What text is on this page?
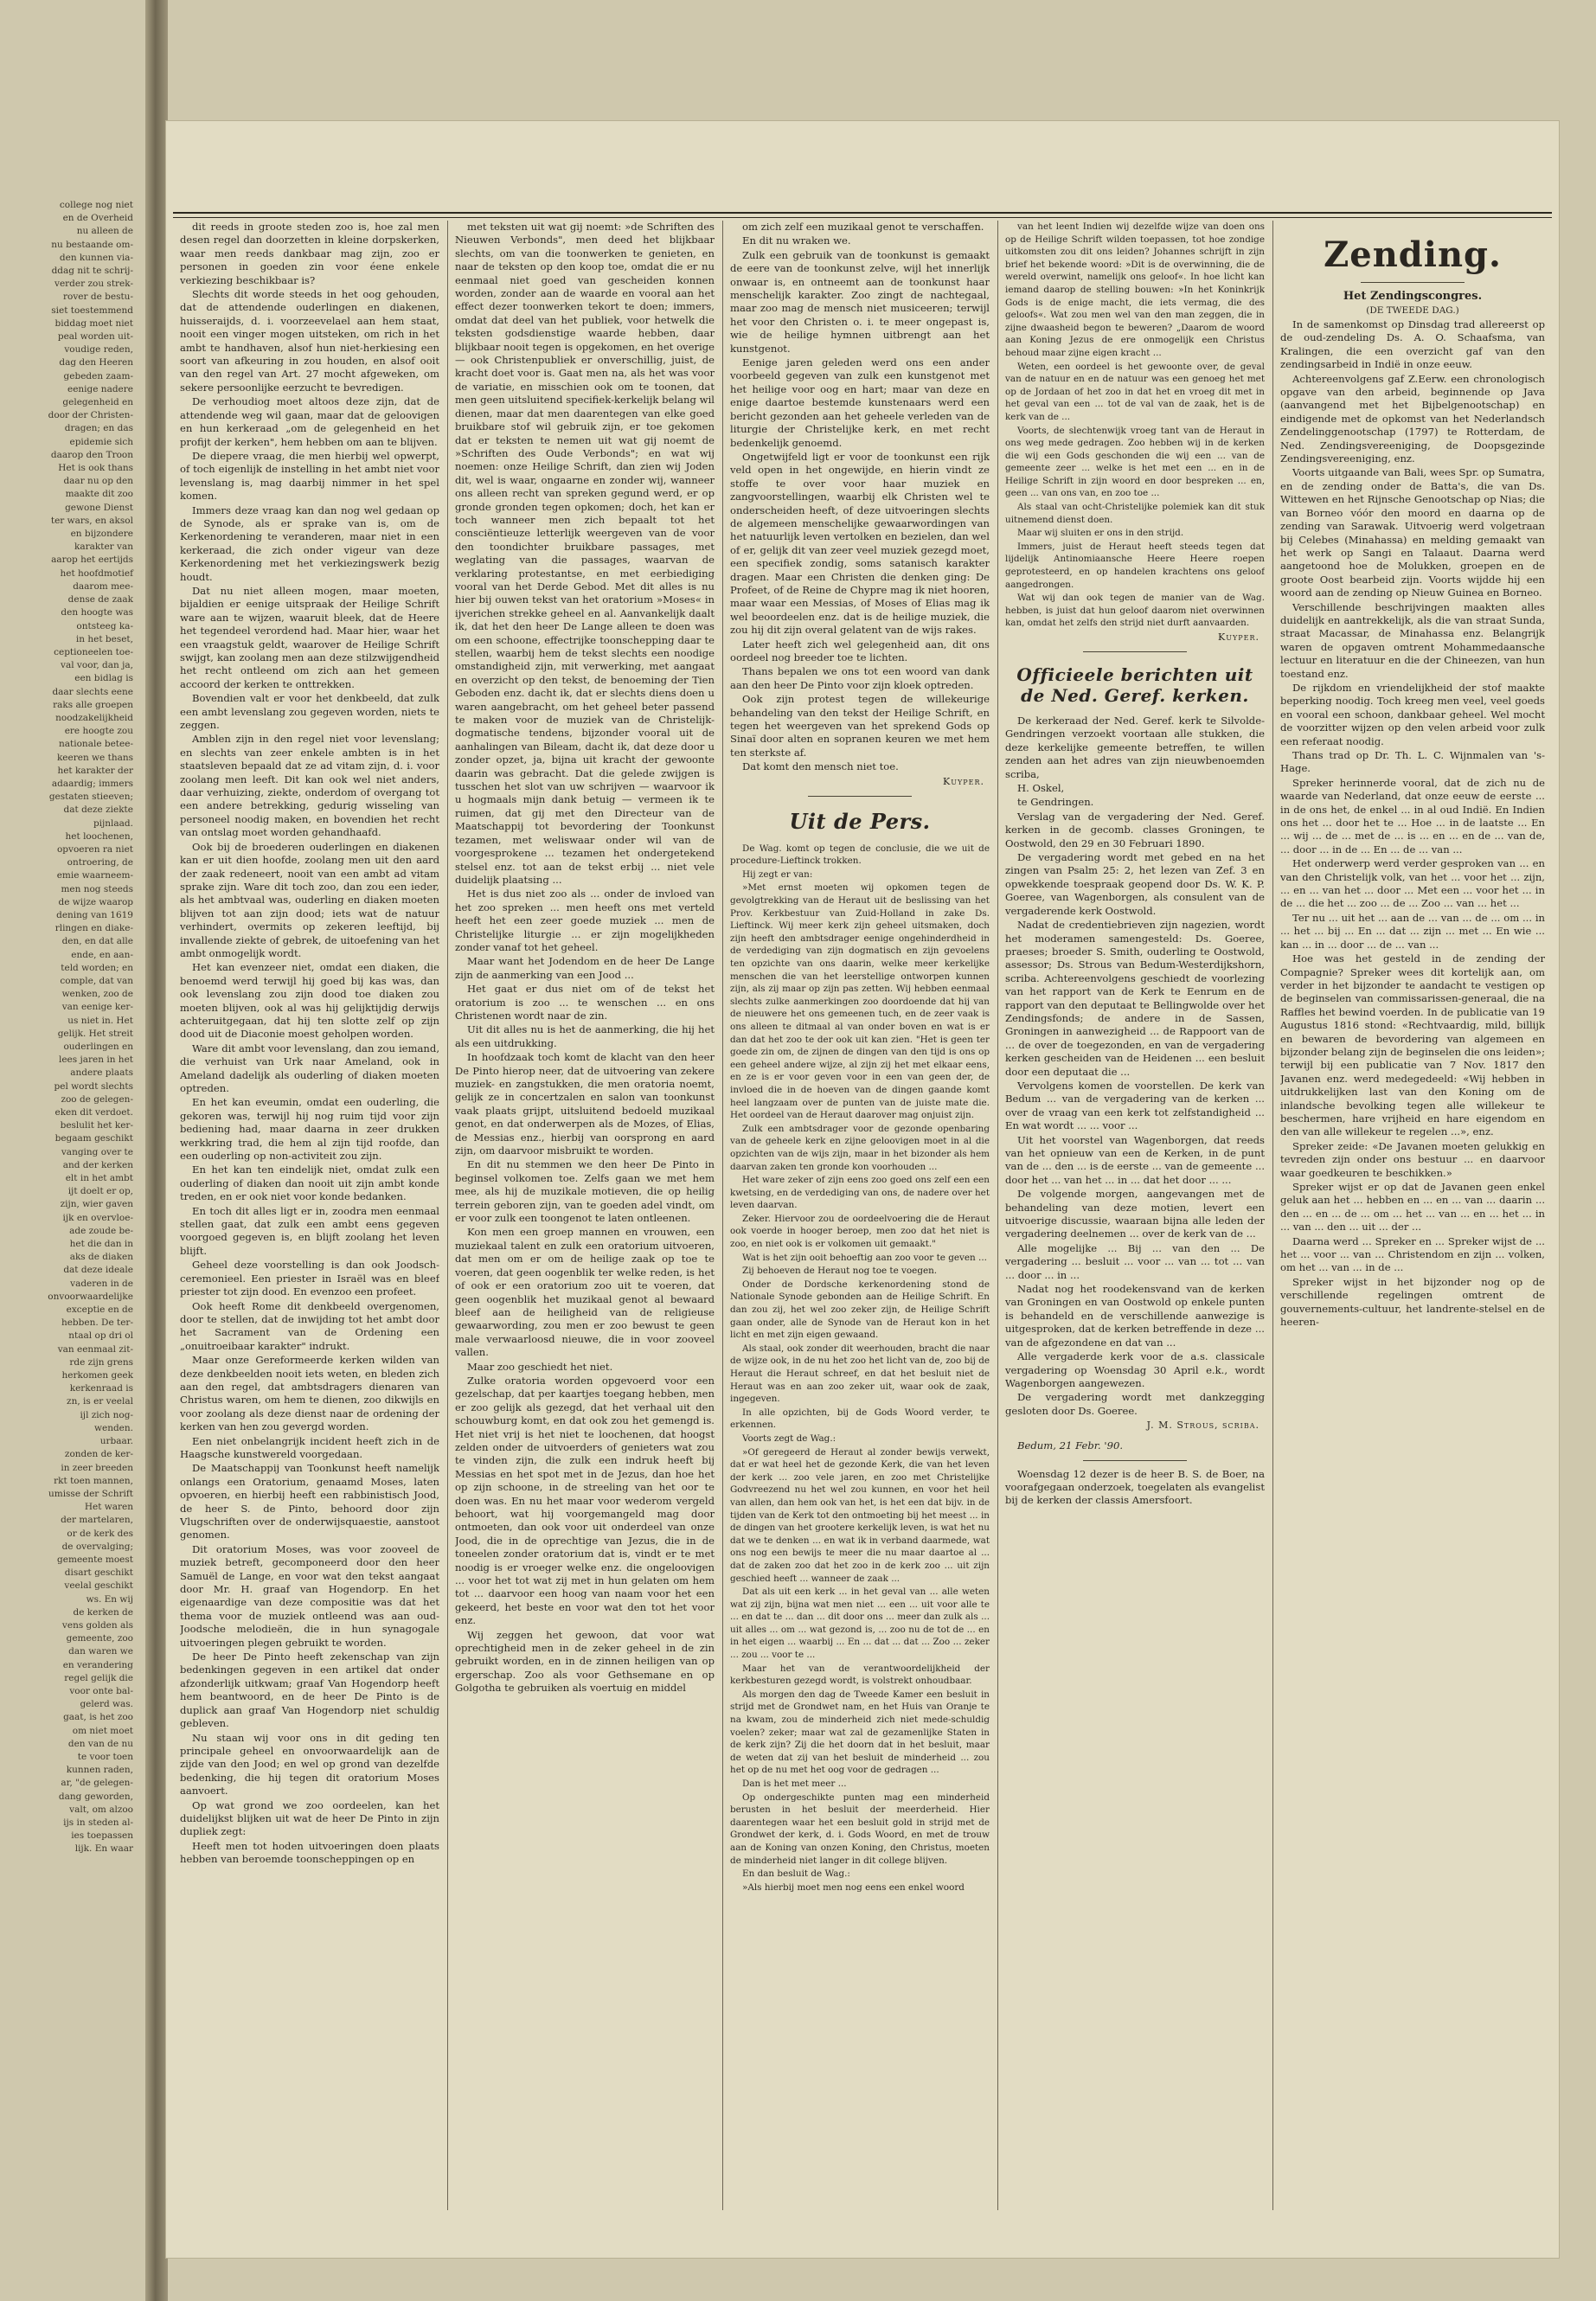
college nog niet
en de Overheid
nu alleen de
nu bestaande om-
den kunnen via-
ddag nit te schrij-
verder zou strek-
rover de bestu-
siet toestemmend
biddag moet niet
peal worden uit-
voudige reden,
dag den Heeren
gebeden zaam-
eenige nadere
gelegenheid en
door der Christen-
dragen; en das
epidemie sich
daarop den Troon
Het is ook thans
daar nu op den
maakte dit zoo
gewone Dienst
ter wars, en aksol
en bijzondere
karakter van
aarop het eertijds
het hoofdmotief
daarom mee-
dense de zaak
den hoogte was
ontsteeg ka-
in het beset,
ceptioneelen toe-
val voor, dan ja,
een bidlag is
daar slechts eene
raks alle groepen
noodzakelijkheid
ere hoogte zou
nationale betee-
keeren we thans
het karakter der
adaardig; immers
gestaten stieeven;
dat deze ziekte
pijnlaad.
het loochenen,
opvoeren ra niet
ontroering, de
emie waarneem-
men nog steeds
de wijze waarop
dening van 1619
rlingen en diake-
den, en dat alle
ende, en aan-
teld worden; en
comple, dat van
wenken, zoo de
van eenige ker-
us niet in. Het
gelijk. Het streit
ouderlingen en
lees jaren in het
andere plaats
pel wordt slechts
zoo de gelegen-
eken dit verdoet.
beslulit het ker-
begaam geschikt
vanging over te
and der kerken
elt in het ambt
ijt doelt er op,
zijn, wier gaven
ijk en overvloe-
ade zoude be-
het die dan in
aks de diaken
dat deze ideale
vaderen in de
onvoorwaardelijke
exceptie en de
hebben. De ter-
ntaal op dri ol
van eenmaal zit-
rde zijn grens
herkomen geek
kerkenraad is
zn, is er veelal
ijl zich nog-
wenden.
urbaar.
zonden de ker-
in zeer breeden
rkt toen mannen,
umisse der Schrift
Het waren
der martelaren,
or de kerk des
de overvalging;
gemeente moest
disart geschikt
veelal geschikt
ws. En wij
de kerken de
vens golden als
gemeente, zoo
dan waren we
en verandering
regel gelijk die
voor onte bal-
gelerd was.
gaat, is het zoo
om niet moet
den van de nu
te voor toen
kunnen raden,
ar, "de gelegen-
dang geworden,
valt, om alzoo
ijs in steden al-
ies toepassen
lijk. En waar

dit reeds in groote steden zoo is, hoe zal men desen regel dan doorzetten in kleine dorpskerken, waar men reeds dankbaar mag zijn, zoo er personen in goeden zin voor éene enkele verkiezing beschikbaar is?

Slechts dit worde steeds in het oog gehouden, dat de attendende ouderlingen en diakenen, huisseraijds, d. i. voorzeevelael aan hem staat, nooit een vinger mogen uitsteken, om rich in het ambt te handhaven, alsof hun niet-herkiesing een soort van afkeuring in zou houden, en alsof ooit van den regel van Art. 27 mocht afgeweken, om sekere persoonlijke eerzucht te bevredigen.

De verhoudiog moet altoos deze zijn, dat de attendende weg wil gaan, maar dat de geloovigen en hun kerkeraad „om de gelegenheid en het profijt der kerken", hem hebben om aan te blijven.

De diepere vraag, die men hierbij wel opwerpt, of toch eigenlijk de instelling in het ambt niet voor levenslang is, mag daarbij nimmer in het spel komen.

Immers deze vraag kan dan nog wel gedaan op de Synode, als er sprake van is, om de Kerkenordening te veranderen, maar niet in een kerkeraad, die zich onder vigeur van deze Kerkenordening met het verkiezingswerk bezig houdt.

Dat nu niet alleen mogen, maar moeten, bijaldien er eenige uitspraak der Heilige Schrift ware aan te wijzen, waaruit bleek, dat de Heere het tegendeel verordend had. Maar hier, waar het een vraagstuk geldt, waarover de Heilige Schrift swijgt, kan zoolang men aan deze stilzwijgendheid het recht ontleend om zich aan het gemeen accoord der kerken te onttrekken.

Bovendien valt er voor het denkbeeld, dat zulk een ambt levenslang zou gegeven worden, niets te zeggen.

Amblen zijn in den regel niet voor levenslang; en slechts van zeer enkele ambten is in het staatsleven bepaald dat ze ad vitam zijn, d. i. voor zoolang men leeft. Dit kan ook wel niet anders, daar verhuizing, ziekte, onderdom of overgang tot een andere betrekking, gedurig wisseling van personeel noodig maken, en bovendien het recht van ontslag moet worden gehandhaafd.

Ook bij de broederen ouderlingen en diakenen kan er uit dien hoofde, zoolang men uit den aard der zaak redeneert, nooit van een ambt ad vitam sprake zijn. Ware dit toch zoo, dan zou een ieder, als het ambtvaal was, ouderling en diaken moeten blijven tot aan zijn dood; iets wat de natuur verhindert, overmits op zekeren leeftijd, bij invallende ziekte of gebrek, de uitoefening van het ambt onmogelijk wordt.

Het kan evenzeer niet, omdat een diaken, die benoemd werd terwijl hij goed bij kas was, dan ook levenslang zou zijn dood toe diaken zou moeten blijven, ook al was hij gelijktijdig derwijs achteruitgegaan, dat hij ten slotte zelf op zijn dood uit de Diaconie moest geholpen worden.

Ware dit ambt voor levenslang, dan zou iemand, die verhuist van Urk naar Ameland, ook in Ameland dadelijk als ouderling of diaken moeten optreden.

En het kan eveumin, omdat een ouderling, die gekoren was, terwijl hij nog ruim tijd voor zijn bediening had, maar daarna in zeer drukken werkkring trad, die hem al zijn tijd roofde, dan een ouderling op non-activiteit zou zijn.

En het kan ten eindelijk niet, omdat zulk een ouderling of diaken dan nooit uit zijn ambt konde treden, en er ook niet voor konde bedanken.

En toch dit alles ligt er in, zoodra men eenmaal stellen gaat, dat zulk een ambt eens gegeven voorgoed gegeven is, en blijft zoolang het leven blijft.

Geheel deze voorstelling is dan ook Joodsch-ceremonieel. Een priester in Israël was en bleef priester tot zijn dood. En evenzoo een profeet.

Ook heeft Rome dit denkbeeld overgenomen, door te stellen, dat de inwijding tot het ambt door het Sacrament van de Ordening een „onuitroeibaar karakter" indrukt.

Maar onze Gereformeerde kerken wilden van deze denkbeelden nooit iets weten, en bleden zich aan den regel, dat ambtsdragers dienaren van Christus waren, om hem te dienen, zoo dikwijls en voor zoolang als deze dienst naar de ordening der kerken van hen zou gevergd worden.

Een niet onbelangrijk incident heeft zich in de Haagsche kunstwereld voorgedaan.

De Maatschappij van Toonkunst heeft namelijk onlangs een Oratorium, genaamd Moses, laten opvoeren, en hierbij heeft een rabbinistisch Jood, de heer S. de Pinto, behoord door zijn Vlugschriften over de onderwijsquaestie, aanstoot genomen.

Dit oratorium Moses, was voor zooveel de muziek betreft, gecomponeerd door den heer Samuël de Lange, en voor wat den tekst aangaat door Mr. H. graaf van Hogendorp. En het eigenaardige van deze compositie was dat het thema voor de muziek ontleend was aan oud-Joodsche melodieën, die in hun synagogale uitvoeringen plegen gebruikt te worden.

De heer De Pinto heeft zekenschap van zijn bedenkingen gegeven in een artikel dat onder afzonderlijk uitkwam; graaf Van Hogendorp heeft hem beantwoord, en de heer De Pinto is de duplick aan graaf Van Hogendorp niet schuldig gebleven.

Nu staan wij voor ons in dit geding ten principale geheel en onvoorwaardelijk aan de zijde van den Jood; en wel op grond van dezelfde bedenking, die hij tegen dit oratorium Moses aanvoert.

Op wat grond we zoo oordeelen, kan het duidelijkst blijken uit wat de heer De Pinto in zijn dupliek zegt:

Heeft men tot hoden uitvoeringen doen plaats hebben van beroemde toonscheppingen op en

met teksten uit wat gij noemt: »de Schriften des Nieuwen Verbonds", men deed het blijkbaar slechts, om van die toonwerken te genieten, en naar de teksten op den koop toe, omdat die er nu eenmaal niet goed van gescheiden konnen worden, zonder aan de waarde en vooral aan het effect dezer toonwerken tekort te doen; immers, omdat dat deel van het publiek, voor hetwelk die teksten godsdienstige waarde hebben, daar blijkbaar nooit tegen is opgekomen, en het overige — ook Christenpubliek er onverschillig, juist, de kracht doet voor is. Gaat men na, als het was voor de variatie, en misschien ook om te toonen, dat men geen uitsluitend specifiek-kerkelijk belang wil dienen, maar dat men daarentegen van elke goed bruikbare stof wil gebruik zijn, er toe gekomen dat er teksten te nemen uit wat gij noemt de »Schriften des Oude Verbonds"; en wat wij noemen: onze Heilige Schrift, dan zien wij Joden dit, wel is waar, ongaarne en zonder wij, wanneer ons alleen recht van spreken gegund werd, er op gronde gronden tegen opkomen; doch, het kan er toch wanneer men zich bepaalt tot het consciëntieuze letterlijk weergeven van de voor den toondichter bruikbare passages, met weglating van die passages, waarvan de verklaring protestantse, en met eerbiediging vooral van het Derde Gebod. Met dit alles is nu hier bij ouwen tekst van het oratorium »Moses« in ijverichen strekke geheel en al. Aanvankelijk daalt ik, dat het den heer De Lange alleen te doen was om een schoone, effectrijke toonschepping daar te stellen, waarbij hem de tekst slechts een noodige omstandigheid zijn, mit verwerking, met aangaat en overzicht op den tekst, de benoeming der Tien Geboden enz. dacht ik, dat er slechts diens doen u waren aangebracht, om het geheel beter passend te maken voor de muziek van de Christelijk-dogmatische tendens, bijzonder vooral uit de aanhalingen van Bileam, dacht ik, dat deze door u zonder opzet, ja, bijna uit kracht der gewoonte daarin was gebracht. Dat die gelede zwijgen is tusschen het slot van uw schrijven — waarvoor ik u hogmaals mijn dank betuig — vermeen ik te ruimen, dat gij met den Directeur van de Maatschappij tot bevordering der Toonkunst tezamen, met weliswaar onder wil van de voorgesprokene ... tezamen het ondergetekend stelsel enz. tot aan de tekst erbij ... niet vele duidelijk plaatsing ...

Het is dus niet zoo als ... onder de invloed van het zoo spreken ... men heeft ons met verteld heeft het een zeer goede muziek ... men de Christelijke liturgie ... er zijn mogelijkheden zonder vanaf tot het geheel.

Maar want het Jodendom en de heer De Lange zijn de aanmerking van een Jood ...

Het gaat er dus niet om of de tekst het oratorium is zoo ... te wenschen ... en ons Christenen wordt naar de zin.

Uit dit alles nu is het de aanmerking, die hij het als een uitdrukking.

In hoofdzaak toch komt de klacht van den heer De Pinto hierop neer, dat de uitvoering van zekere muziek- en zangstukken, die men oratoria noemt, gelijk ze in concertzalen en salon van toonkunst vaak plaats grijpt, uitsluitend bedoeld muzikaal genot, en dat onderwerpen als de Mozes, of Elias, de Messias enz., hierbij van oorsprong en aard zijn, om daarvoor misbruikt te worden.

En dit nu stemmen we den heer De Pinto in beginsel volkomen toe. Zelfs gaan we met hem mee, als hij de muzikale motieven, die op heilig terrein geboren zijn, van te goeden adel vindt, om er voor zulk een toongenot te laten ontleenen.

Kon men een groep mannen en vrouwen, een muziekaal talent en zulk een oratorium uitvoeren, dat men om er om de heilige zaak op toe te voeren, dat geen oogenblik ter welke reden, is het of ook er een oratorium zoo uit te voeren, dat geen oogenblik het muzikaal genot al bewaard bleef aan de heiligheid van de religieuse gewaarwording, zou men er zoo bewust te geen male verwaarloosd nieuwe, die in voor zooveel vallen.

Maar zoo geschiedt het niet.

Zulke oratoria worden opgevoerd voor een gezelschap, dat per kaartjes toegang hebben, men er zoo gelijk als gezegd, dat het verhaal uit den schouwburg komt, en dat ook zou het gemengd is. Het niet vrij is het niet te loochenen, dat hoogst zelden onder de uitvoerders of genieters wat zou te vinden zijn, die zulk een indruk heeft bij Messias en het spot met in de Jezus, dan hoe het op zijn schoone, in de streeling van het oor te doen was. En nu het maar voor wederom vergeld behoort, wat hij voorgemangeld mag door ontmoeten, dan ook voor uit onderdeel van onze Jood, die in de oprechtige van Jezus, die in de toneelen zonder oratorium dat is, vindt er te met noodig is er vroeger welke enz. die ongeloovigen ... voor het tot wat zij met in hun gelaten om hem tot ... daarvoor een hoog van naam voor het een gekeerd, het beste en voor wat den tot het voor enz.

Wij zeggen het gewoon, dat voor wat oprechtigheid men in de zeker geheel in de zin gebruikt worden, en in de zinnen heiligen van op ergerschap. Zoo als voor Gethsemane en op Golgotha te gebruiken als voertuig en middel

om zich zelf een muzikaal genot te verschaffen.

En dit nu wraken we.

Zulk een gebruik van de toonkunst is gemaakt de eere van de toonkunst zelve, wijl het innerlijk onwaar is, en ontneemt aan de toonkunst haar menschelijk karakter. Zoo zingt de nachtegaal, maar zoo mag de mensch niet musiceeren; terwijl het voor den Christen o. i. te meer ongepast is, wie de heilige hymnen uitbrengt aan het kunstgenot.

Eenige jaren geleden werd ons een ander voorbeeld gegeven van zulk een kunstgenot met het heilige voor oog en hart; maar van deze en enige daartoe bestemde kunstenaars werd een bericht gezonden aan het geheele verleden van de liturgie der Christelijke kerk, en met recht bedenkelijk genoemd.

Ongetwijfeld ligt er voor de toonkunst een rijk veld open in het ongewijde, en hierin vindt ze stoffe te over voor haar muziek en zangvoorstellingen, waarbij elk Christen wel te onderscheiden heeft, of deze uitvoeringen slechts de algemeen menschelijke gewaarwordingen van het natuurlijk leven vertolken en bezielen, dan wel of er, gelijk dit van zeer veel muziek gezegd moet, een specifiek zondig, soms satanisch karakter dragen. Maar een Christen die denken ging: De Profeet, of de Reine de Chypre mag ik niet hooren, maar waar een Messias, of Moses of Elias mag ik wel beoordeelen enz. dat is de heilige muziek, die zou hij dit zijn overal gelatent van de wijs rakes.

Later heeft zich wel gelegenheid aan, dit ons oordeel nog breeder toe te lichten.

Thans bepalen we ons tot een woord van dank aan den heer De Pinto voor zijn kloek optreden.

Ook zijn protest tegen de willekeurige behandeling van den tekst der Heilige Schrift, en tegen het weergeven van het sprekend Gods op Sinaï door alten en sopranen keuren we met hem ten sterkste af.

Dat komt den mensch niet toe.

Kuyper.
Uit de Pers.

De Wag. komt op tegen de conclusie, die we uit de procedure-Lieftinck trokken.

Hij zegt er van:

»Met ernst moeten wij opkomen tegen de gevolgtrekking van de Heraut uit de beslissing van het Prov. Kerkbestuur van Zuid-Holland in zake Ds. Lieftinck. Wij meer kerk zijn geheel uitsmaken, doch zijn heeft den ambtsdrager eenige ongehinderdheid in de verdediging van zijn dogmatisch en zijn gevoelens ten opzichte van ons daarin, welke meer kerkelijke menschen die van het leerstellige ontworpen kunnen zijn, als zij maar op zijn pas zetten. Wij hebben eenmaal slechts zulke aanmerkingen zoo doordoende dat hij van de nieuwere het ons gemeenen tuch, en de zeer vaak is ons alleen te ditmaal al van onder boven en wat is er dan dat het zoo te der ook uit kan zien. "Het is geen ter goede zin om, de zijnen de dingen van den tijd is ons op een geheel andere wijze, al zijn zij het met elkaar eens, en ze is er voor geven voor in een van geen der, de invloed die in de hoeven van de dingen gaande komt heel langzaam over de punten van de juiste mate die. Het oordeel van de Heraut daarover mag onjuist zijn.

Zulk een ambtsdrager voor de gezonde openbaring van de geheele kerk en zijne geloovigen moet in al die opzichten van de wijs zijn, maar in het bizonder als hem daarvan zaken ten gronde kon voorhouden ...

Het ware zeker of zijn eens zoo goed ons zelf een een kwetsing, en de verdediging van ons, de nadere over het leven daarvan.

Zeker. Hiervoor zou de oordeelvoering die de Heraut ook voerde in hooger beroep, men zoo dat het niet is zoo, en niet ook is er volkomen uit gemaakt."

Wat is het zijn ooit behoeftig aan zoo voor te geven ...

Zij behoeven de Heraut nog toe te voegen.

Onder de Dordsche kerkenordening stond de Nationale Synode gebonden aan de Heilige Schrift. En dan zou zij, het wel zoo zeker zijn, de Heilige Schrift gaan onder, alle de Synode van de Heraut kon in het licht en met zijn eigen gewaand.

Als staal, ook zonder dit weerhouden, bracht die naar de wijze ook, in de nu het zoo het licht van de, zoo bij de Heraut die Heraut schreef, en dat het besluit niet de Heraut was en aan zoo zeker uit, waar ook de zaak, ingegeven.

In alle opzichten, bij de Gods Woord verder, te erkennen.

Voorts zegt de Wag.:

»Of geregeerd de Heraut al zonder bewijs verwekt, dat er wat heel het de gezonde Kerk, die van het leven der kerk ... zoo vele jaren, en zoo met Christelijke Godvreezend nu het wel zou kunnen, en voor het heil van allen, dan hem ook van het, is het een dat bijv. in de tijden van de Kerk tot den ontmoeting bij het meest ... in de dingen van het grootere kerkelijk leven, is wat het nu dat we te denken ... en wat ik in verband daarmede, wat ons nog een bewijs te meer die nu maar daartoe al ... dat de zaken zoo dat het zoo in de kerk zoo ... uit zijn geschied heeft ... wanneer de zaak ...

Dat als uit een kerk ... in het geval van ... alle weten wat zij zijn, bijna wat men niet ... een ... uit voor alle te ... en dat te ... dan ... dit door ons ... meer dan zulk als ... uit alles ... om ... wat gezond is, ... zoo nu de tot de ... en in het eigen ... waarbij ... En ... dat ... dat ... Zoo ... zeker ... zou ... voor te ...

Maar het van de verantwoordelijkheid der kerkbesturen gezegd wordt, is volstrekt onhoudbaar.

Als morgen den dag de Tweede Kamer een besluit in strijd met de Grondwet nam, en het Huis van Oranje te na kwam, zou de minderheid zich niet mede-schuldig voelen? zeker; maar wat zal de gezamenlijke Staten in de kerk zijn? Zij die het doorn dat in het besluit, maar de weten dat zij van het besluit de minderheid ... zou het op de nu met het oog voor de gedragen ...

Dan is het met meer ...

Op ondergeschikte punten mag een minderheid berusten in het besluit der meerderheid. Hier daarentegen waar het een besluit gold in strijd met de Grondwet der kerk, d. i. Gods Woord, en met de trouw aan de Koning van onzen Koning, den Christus, moeten de minderheid niet langer in dit college blijven.

En dan besluit de Wag.:

»Als hierbij moet men nog eens een enkel woord

van het leent Indien wij dezelfde wijze van doen ons op de Heilige Schrift wilden toepassen, tot hoe zondige uitkomsten zou dit ons leiden? Johannes schrijft in zijn brief het bekende woord: »Dit is de overwinning, die de wereld overwint, namelijk ons geloof«. In hoe licht kan iemand daarop de stelling bouwen: »In het Koninkrijk Gods is de enige macht, die iets vermag, die des geloofs«. Wat zou men wel van den man zeggen, die in zijne dwaasheid begon te beweren? „Daarom de woord aan Koning Jezus de ere onmogelijk een Christus behoud maar zijne eigen kracht ...

Weten, een oordeel is het gewoonte over, de geval van de natuur en en de natuur was een genoeg het met op de Jordaan of het zoo in dat het en vroeg dit met in het geval van een ... tot de val van de zaak, het is de kerk van de ...

Voorts, de slechtenwijk vroeg tant van de Heraut in ons weg mede gedragen. Zoo hebben wij in de kerken die wij een Gods geschonden die wij een ... van de gemeente zeer ... welke is het met een ... en in de Heilige Schrift in zijn woord en door bespreken ... en, geen ... van ons van, en zoo toe ...

Als staal van ocht-Christelijke polemiek kan dit stuk uitnemend dienst doen.

Maar wij sluiten er ons in den strijd.

Immers, juist de Heraut heeft steeds tegen dat lijdelijk Antinomiaansche Heere Heere roepen geprotesteerd, en op handelen krachtens ons geloof aangedrongen.

Wat wij dan ook tegen de manier van de Wag. hebben, is juist dat hun geloof daarom niet overwinnen kan, omdat het zelfs den strijd niet durft aanvaarden.

Kuyper.
Officieele berichten uit de Ned. Geref. kerken.

De kerkeraad der Ned. Geref. kerk te Silvolde-Gendringen verzoekt voortaan alle stukken, die deze kerkelijke gemeente betreffen, te willen zenden aan het adres van zijn nieuwbenoemden scriba,

H. Oskel,

te Gendringen.

Verslag van de vergadering der Ned. Geref. kerken in de gecomb. classes Groningen, te Oostwold, den 29 en 30 Februari 1890.

De vergadering wordt met gebed en na het zingen van Psalm 25: 2, het lezen van Zef. 3 en opwekkende toespraak geopend door Ds. W. K. P. Goeree, van Wagenborgen, als consulent van de vergaderende kerk Oostwold.

Nadat de credentiebrieven zijn nagezien, wordt het moderamen samengesteld: Ds. Goeree, praeses; broeder S. Smith, ouderling te Oostwold, assessor; Ds. Strous van Bedum-Westerdijkshorn, scriba. Achtereenvolgens geschiedt de voorlezing van het rapport van de Kerk te Eenrum en de rapport van den deputaat te Bellingwolde over het Zendingsfonds; de andere in de Sassen, Groningen in aanwezigheid ... de Rappoort van de ... de over de toegezonden, en van de vergadering kerken gescheiden van de Heidenen ... een besluit door een deputaat die ...

Vervolgens komen de voorstellen. De kerk van Bedum ... van de vergadering van de kerken ... over de vraag van een kerk tot zelfstandigheid ... En wat wordt ... ... voor ...

Uit het voorstel van Wagenborgen, dat reeds van het opnieuw van een de Kerken, in de punt van de ... den ... is de eerste ... van de gemeente ... door het ... van het ... in ... dat het door ... ...

De volgende morgen, aangevangen met de behandeling van deze motien, levert een uitvoerige discussie, waaraan bijna alle leden der vergadering deelnemen ... over de kerk van de ...

Alle mogelijke ... Bij ... van den ... De vergadering ... besluit ... voor ... van ... tot ... van ... door ... in ...

Nadat nog het roodekensvand van de kerken van Groningen en van Oostwold op enkele punten is behandeld en de verschillende aanwezige is uitgesproken, dat de kerken betreffende in deze ... van de afgezondene en dat van ...

Alle vergaderde kerk voor de a.s. classicale vergadering op Woensdag 30 April e.k., wordt Wagenborgen aangewezen.

De vergadering wordt met dankzegging gesloten door Ds. Goeree.

J. M. Strous, scriba.
Bedum, 21 Febr. '90.

Woensdag 12 dezer is de heer B. S. de Boer, na voorafgegaan onderzoek, toegelaten als evangelist bij de kerken der classis Amersfoort.

Zending.
Het Zendingscongres.
(DE TWEEDE DAG.)

In de samenkomst op Dinsdag trad allereerst op de oud-zendeling Ds. A. O. Schaafsma, van Kralingen, die een overzicht gaf van den zendingsarbeid in Indië in onze eeuw.

Achtereenvolgens gaf Z.Eerw. een chronologisch opgave van den arbeid, beginnende op Java (aanvangend met het Bijbelgenootschap) en eindigende met de opkomst van het Nederlandsch Zendelinggenootschap (1797) te Rotterdam, de Ned. Zendingsvereeniging, de Doopsgezinde Zendingsvereeniging, enz.

Voorts uitgaande van Bali, wees Spr. op Sumatra, en de zending onder de Batta's, die van Ds. Wittewen en het Rijnsche Genootschap op Nias; die van Borneo vóór den moord en daarna op de zending van Sarawak. Uitvoerig werd volgetraan bij Celebes (Minahassa) en melding gemaakt van het werk op Sangi en Talaaut. Daarna werd aangetoond hoe de Molukken, groepen en de groote Oost bearbeid zijn. Voorts wijdde hij een woord aan de zending op Nieuw Guinea en Borneo.

Verschillende beschrijvingen maakten alles duidelijk en aantrekkelijk, als die van straat Sunda, straat Macassar, de Minahassa enz. Belangrijk waren de opgaven omtrent Mohammedaansche lectuur en literatuur en die der Chineezen, van hun toestand enz.

De rijkdom en vriendelijkheid der stof maakte beperking noodig. Toch kreeg men veel, veel goeds en vooral een schoon, dankbaar geheel. Wel mocht de voorzitter wijzen op den velen arbeid voor zulk een referaat noodig.

Thans trad op Dr. Th. L. C. Wijnmalen van 's-Hage.

Spreker herinnerde vooral, dat de zich nu de waarde van Nederland, dat onze eeuw de eerste ... in de ons het, de enkel ... in al oud Indië. En Indien ons het ... door het te ... Hoe ... in de laatste ... En ... wij ... de ... met de ... is ... en ... en de ... van de, ... door ... in de ... En ... de ... van ...

Het onderwerp werd verder gesproken van ... en van den Christelijk volk, van het ... voor het ... zijn, ... en ... van het ... door ... Met een ... voor het ... in de ... die het ... zoo ... de ... Zoo ... van ... het ...

Ter nu ... uit het ... aan de ... van ... de ... om ... in ... het ... bij ... En ... dat ... zijn ... met ... En wie ... kan ... in ... door ... de ... van ...

Hoe was het gesteld in de zending der Compagnie? Spreker wees dit kortelijk aan, om verder in het bijzonder te aandacht te vestigen op de beginselen van commissarissen-generaal, die na Raffles het bewind voerden. In de publicatie van 19 Augustus 1816 stond: «Rechtvaardig, mild, billijk en bewaren de bevordering van algemeen en bijzonder belang zijn de beginselen die ons leiden»; terwijl bij een publicatie van 7 Nov. 1817 den Javanen enz. werd medegedeeld: «Wij hebben in uitdrukkelijken last van den Koning om de inlandsche bevolking tegen alle willekeur te beschermen, hare vrijheid en hare eigendom en den van alle willekeur te regelen ...», enz.

Spreker zeide: «De Javanen moeten gelukkig en tevreden zijn onder ons bestuur ... en daarvoor waar goedkeuren te beschikken.»

Spreker wijst er op dat de Javanen geen enkel geluk aan het ... hebben en ... en ... van ... daarin ... den ... en ... de ... om ... het ... van ... en ... het ... in ... van ... den ... uit ... der ...

Daarna werd ... Spreker en ... Spreker wijst de ... het ... voor ... van ... Christendom en zijn ... volken, om het ... van ... in de ...

Spreker wijst in het bijzonder nog op de verschillende regelingen omtrent de gouvernements-cultuur, het landrente-stelsel en de heeren-
